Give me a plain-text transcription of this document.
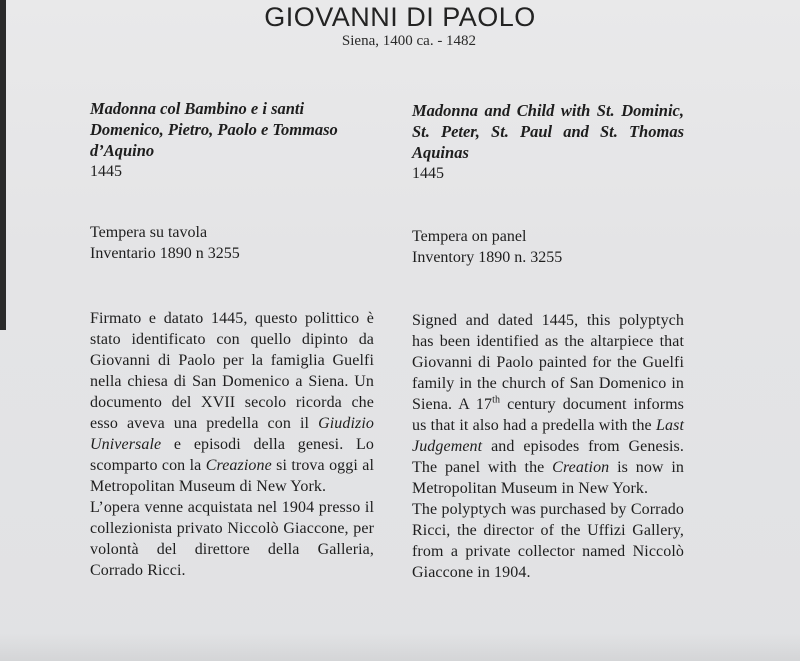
GIOVANNI DI PAOLO
Siena, 1400 ca. - 1482

Madonna col Bambino e i santi Domenico, Pietro, Paolo e Tommaso d’Aquino

1445

Tempera su tavola

Inventario 1890 n 3255

Firmato e datato 1445, questo polittico è stato identificato con quello dipinto da Giovanni di Paolo per la famiglia Guelfi nella chiesa di San Domenico a Siena. Un documento del XVII secolo ricorda che esso aveva una predella con il Giudizio Universale e episodi della genesi. Lo scomparto con la Creazione si trova oggi al Metropolitan Museum di New York.

L’opera venne acquistata nel 1904 presso il collezionista privato Niccolò Giaccone, per volontà del direttore della Galleria, Corrado Ricci.

Madonna and Child with St. Dominic, St. Peter, St. Paul and St. Thomas Aquinas

1445

Tempera on panel

Inventory 1890 n. 3255

Signed and dated 1445, this polyptych has been identified as the altarpiece that Giovanni di Paolo painted for the Guelfi family in the church of San Domenico in Siena. A 17th century document informs us that it also had a predella with the Last Judgement and episodes from Genesis. The panel with the Creation is now in Metropolitan Museum in New York.

The polyptych was purchased by Corrado Ricci, the director of the Uffizi Gallery, from a private collector named Niccolò Giaccone in 1904.
